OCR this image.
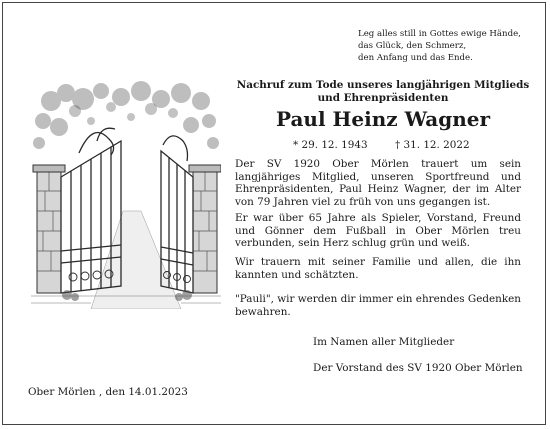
Leg alles still in Gottes ewige Hände,
das Glück, den Schmerz,
den Anfang und das Ende.
Nachruf zum Tode unseres langjährigen Mitglieds
und Ehrenpräsidenten
Paul Heinz Wagner
* 29. 12. 1943	† 31. 12. 2022

Der SV 1920 Ober Mörlen trauert um sein langjähriges Mitglied, unseren Sportfreund und Ehrenpräsidenten, Paul Heinz Wagner, der im Alter von 79 Jahren viel zu früh von uns gegangen ist.

Er war über 65 Jahre als Spieler, Vorstand, Freund und Gönner dem Fußball in Ober Mörlen treu verbunden, sein Herz schlug grün und weiß.

Wir trauern mit seiner Familie und allen, die ihn kannten und schätzten.

"Pauli", wir werden dir immer ein ehrendes Gedenken bewahren.

Im Namen aller Mitglieder
Der Vorstand des SV 1920 Ober Mörlen
Ober Mörlen , den 14.01.2023
